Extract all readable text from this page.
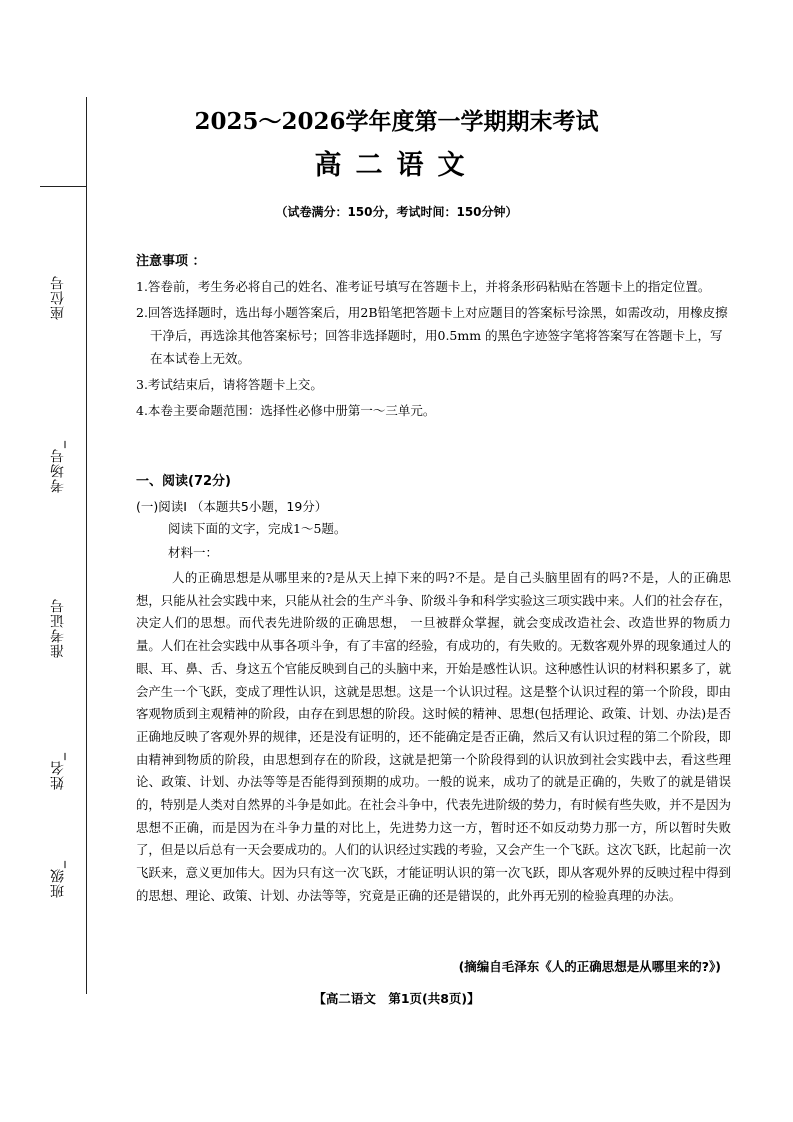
座位号
考场号_
准考证号
姓名_
班级_
2025～2026学年度第一学期期末考试
高二语文
（试卷满分：150分，考试时间：150分钟）
注意事项 ：

1.答卷前，考生务必将自己的姓名、准考证号填写在答题卡上，并将条形码粘贴在答题卡上的指定位置。

2.回答选择题时，选出每小题答案后，用2B铅笔把答题卡上对应题目的答案标号涂黑，如需改动，用橡皮擦干净后，再选涂其他答案标号；回答非选择题时，用0.5mm 的黑色字迹签字笔将答案写在答题卡上，写在本试卷上无效。

3.考试结束后，请将答题卡上交。

4.本卷主要命题范围：选择性必修中册第一～三单元。

一、阅读(72分)
(一)阅读I （本题共5小题，19分）
阅读下面的文字，完成1～5题。
材料一：

人的正确思想是从哪里来的?是从天上掉下来的吗?不是。是自己头脑里固有的吗?不是，人的正确思想，只能从社会实践中来，只能从社会的生产斗争、阶级斗争和科学实验这三项实践中来。人们的社会存在，决定人们的思想。而代表先进阶级的正确思想， 一旦被群众掌握，就会变成改造社会、改造世界的物质力量。人们在社会实践中从事各项斗争，有了丰富的经验，有成功的，有失败的。无数客观外界的现象通过人的眼、耳、鼻、舌、身这五个官能反映到自己的头脑中来，开始是感性认识。这种感性认识的材料积累多了，就会产生一个飞跃，变成了理性认识，这就是思想。这是一个认识过程。这是整个认识过程的第一个阶段，即由客观物质到主观精神的阶段，由存在到思想的阶段。这时候的精神、思想(包括理论、政策、计划、办法)是否正确地反映了客观外界的规律，还是没有证明的，还不能确定是否正确，然后又有认识过程的第二个阶段，即由精神到物质的阶段，由思想到存在的阶段，这就是把第一个阶段得到的认识放到社会实践中去，看这些理论、政策、计划、办法等等是否能得到预期的成功。一般的说来，成功了的就是正确的，失败了的就是错误的，特别是人类对自然界的斗争是如此。在社会斗争中，代表先进阶级的势力，有时候有些失败，并不是因为思想不正确，而是因为在斗争力量的对比上，先进势力这一方，暂时还不如反动势力那一方，所以暂时失败了，但是以后总有一天会要成功的。人们的认识经过实践的考验，又会产生一个飞跃。这次飞跃，比起前一次飞跃来，意义更加伟大。因为只有这一次飞跃，才能证明认识的第一次飞跃，即从客观外界的反映过程中得到的思想、理论、政策、计划、办法等等，究竟是正确的还是错误的，此外再无别的检验真理的办法。

(摘编自毛泽东《人的正确思想是从哪里来的?》)
【高二语文　第1页(共8页)】
